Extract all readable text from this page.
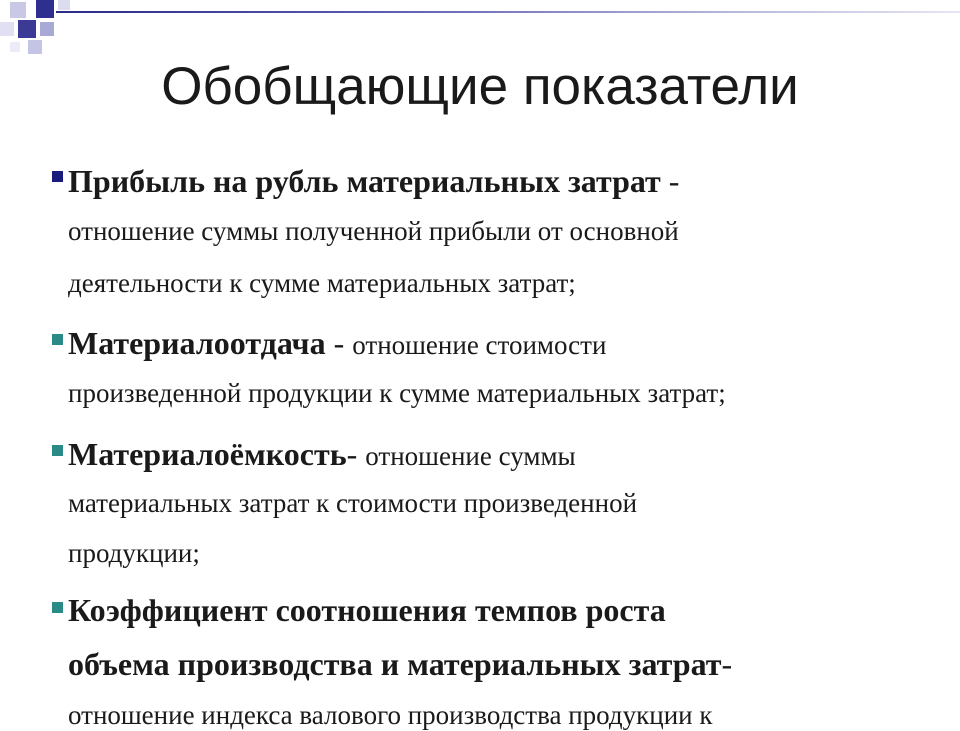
Обобщающие показатели
Прибыль на рубль материальных затрат -
отношение суммы полученной прибыли от основной
деятельности к сумме материальных затрат;
Материалоотдача - отношение стоимости
произведенной продукции к сумме материальных затрат;
Материалоёмкость- отношение суммы
материальных затрат к стоимости произведенной
продукции;
Коэффициент соотношения темпов роста
объема производства и материальных затрат-
отношение индекса валового производства продукции к
